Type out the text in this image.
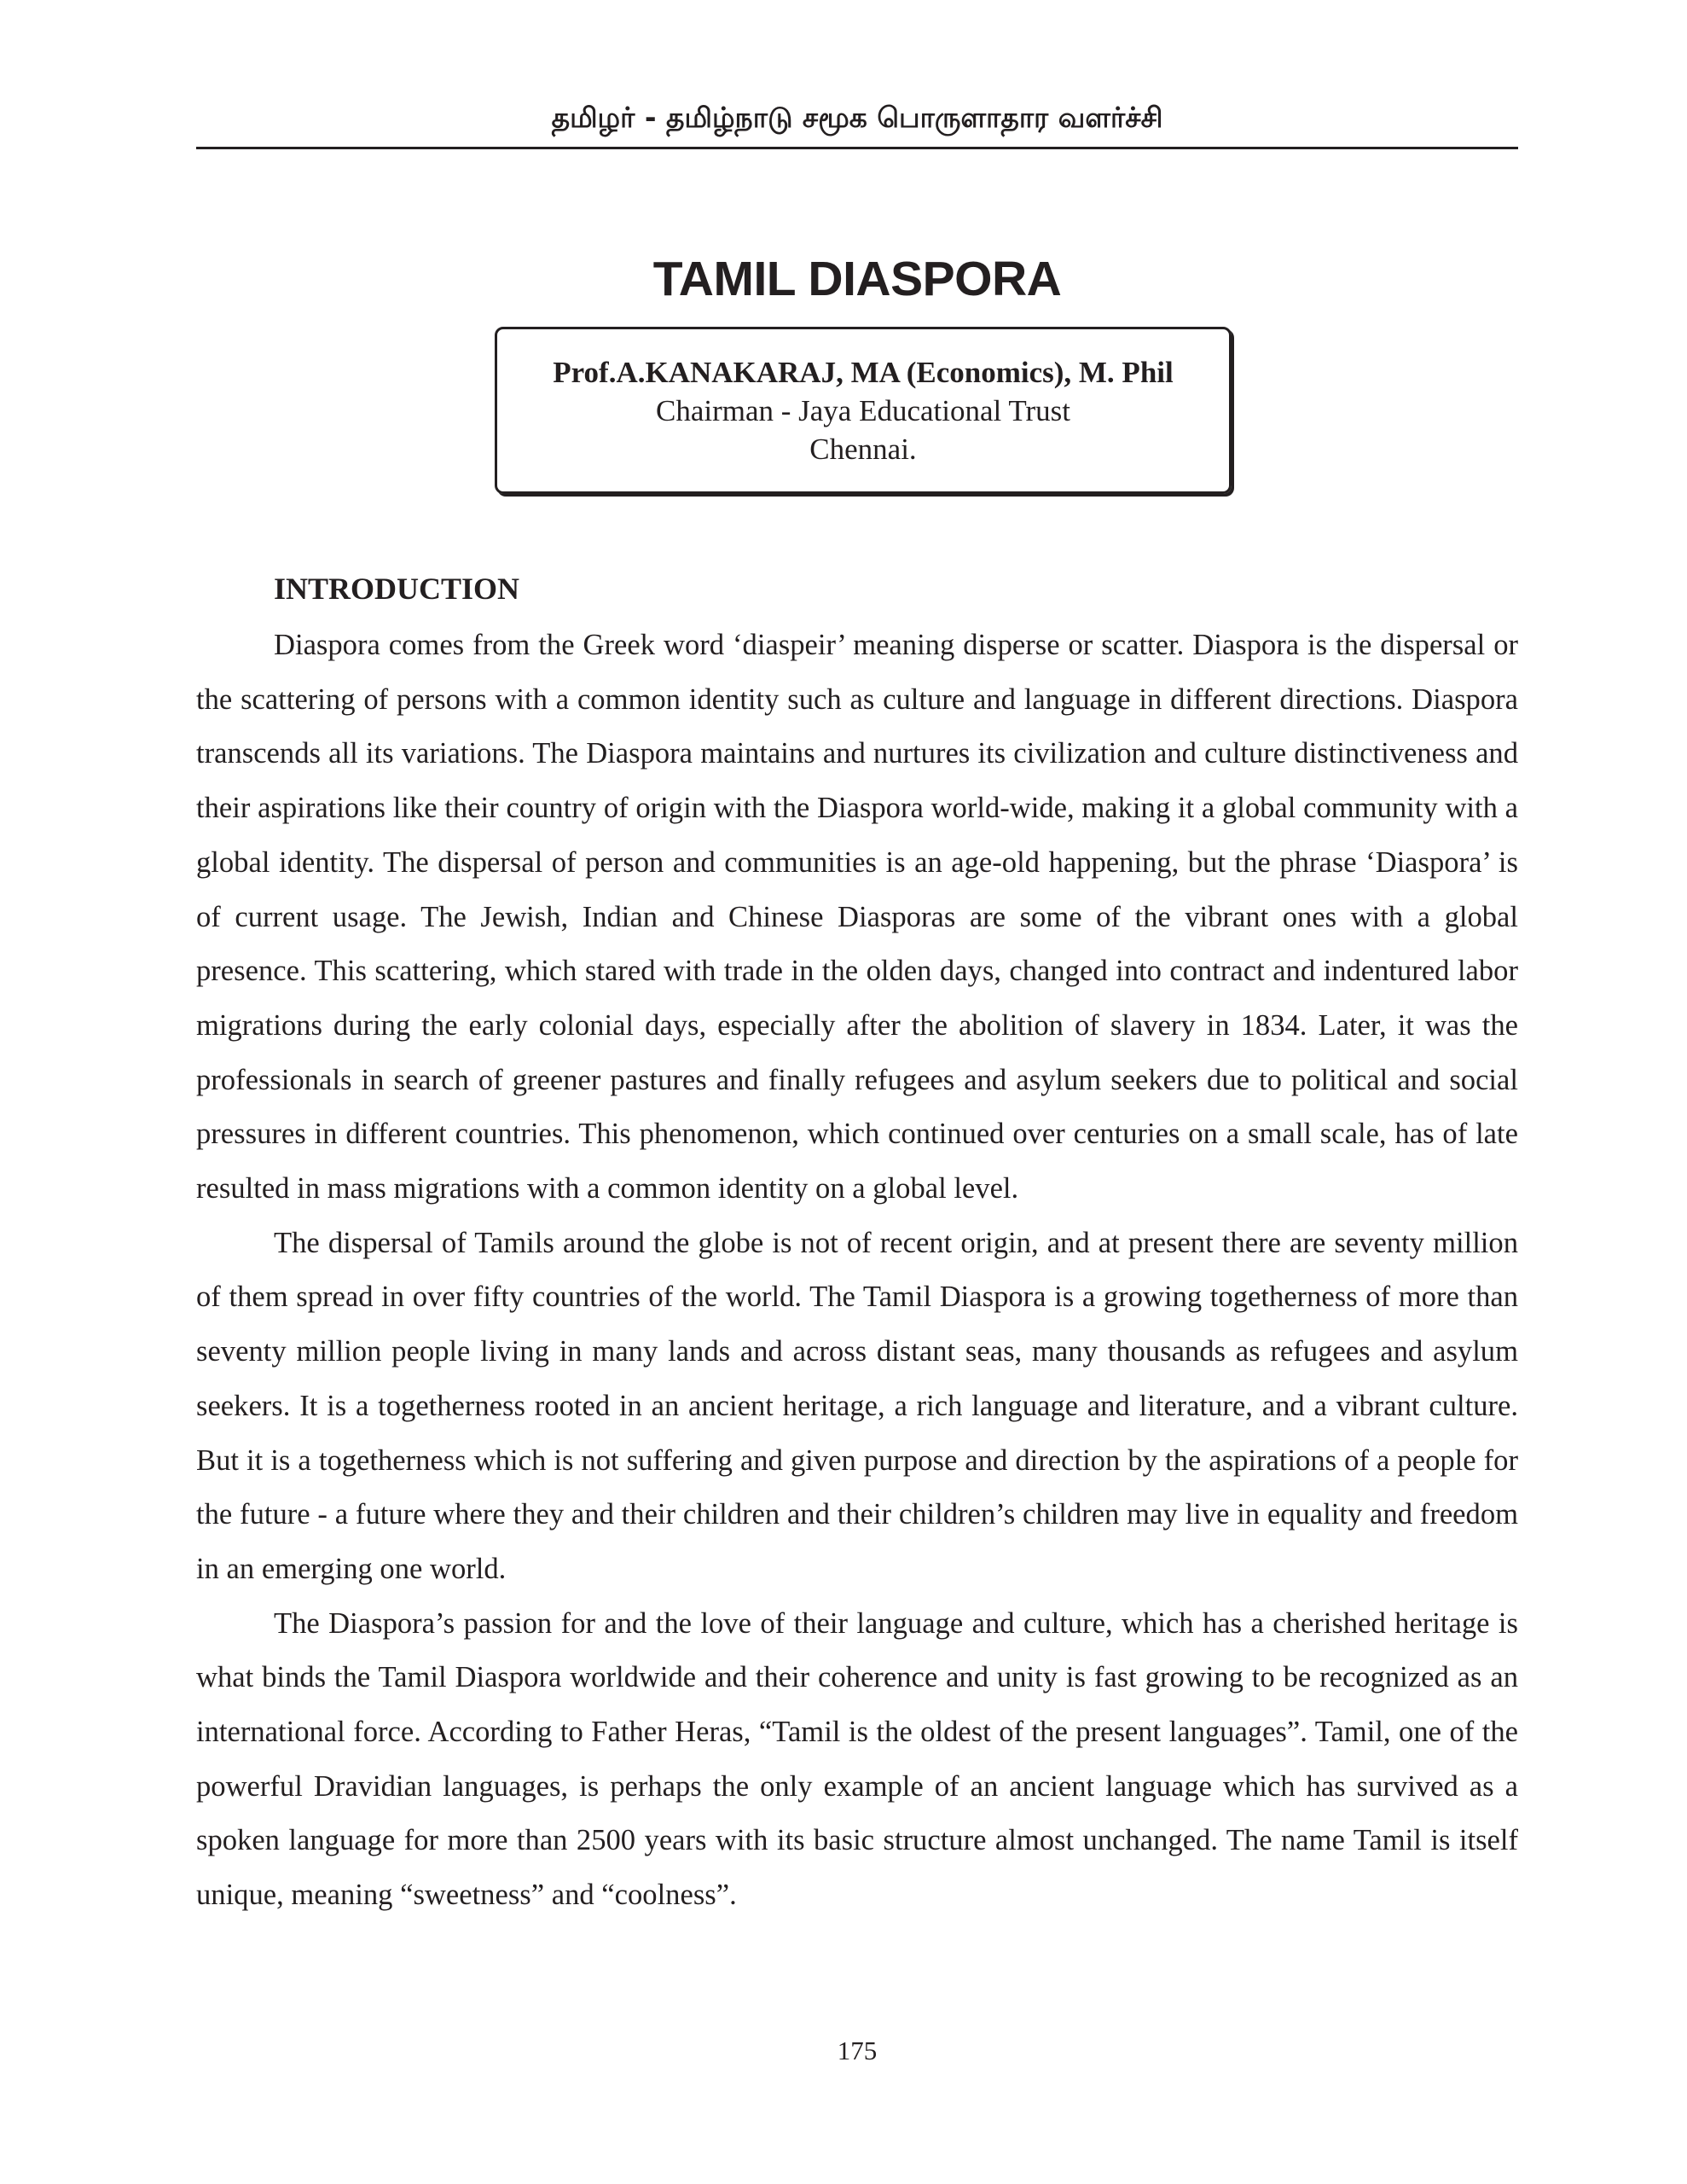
தமிழர் - தமிழ்நாடு சமூக பொருளாதார வளர்ச்சி
TAMIL DIASPORA
Prof.A.KANAKARAJ, MA (Economics), M. Phil
Chairman - Jaya Educational Trust
Chennai.
INTRODUCTION

Diaspora comes from the Greek word ‘diaspeir’ meaning disperse or scatter. Diaspora is the dispersal or the scattering of persons with a common identity such as culture and language in different directions. Diaspora transcends all its variations. The Diaspora maintains and nurtures its civilization and culture distinctiveness and their aspirations like their country of origin with the Diaspora world-wide, making it a global community with a global identity. The dispersal of person and communities is an age-old happening, but the phrase ‘Diaspora’ is of current usage. The Jewish, Indian and Chinese Diasporas are some of the vibrant ones with a global presence. This scattering, which stared with trade in the olden days, changed into contract and indentured labor migrations during the early colonial days, especially after the abolition of slavery in 1834. Later, it was the professionals in search of greener pastures and finally refugees and asylum seekers due to political and social pressures in different countries. This phenomenon, which continued over centuries on a small scale, has of late resulted in mass migrations with a common identity on a global level.

The dispersal of Tamils around the globe is not of recent origin, and at present there are seventy million of them spread in over fifty countries of the world. The Tamil Diaspora is a growing togetherness of more than seventy million people living in many lands and across distant seas, many thousands as refugees and asylum seekers. It is a togetherness rooted in an ancient heritage, a rich language and literature, and a vibrant culture. But it is a togetherness which is not suffering and given purpose and direction by the aspirations of a people for the future - a future where they and their children and their children’s children may live in equality and freedom in an emerging one world.

The Diaspora’s passion for and the love of their language and culture, which has a cherished heritage is what binds the Tamil Diaspora worldwide and their coherence and unity is fast growing to be recognized as an international force. According to Father Heras, “Tamil is the oldest of the present languages”. Tamil, one of the powerful Dravidian languages, is perhaps the only example of an ancient language which has survived as a spoken language for more than 2500 years with its basic structure almost unchanged. The name Tamil is itself unique, meaning “sweetness” and “coolness”.

175
